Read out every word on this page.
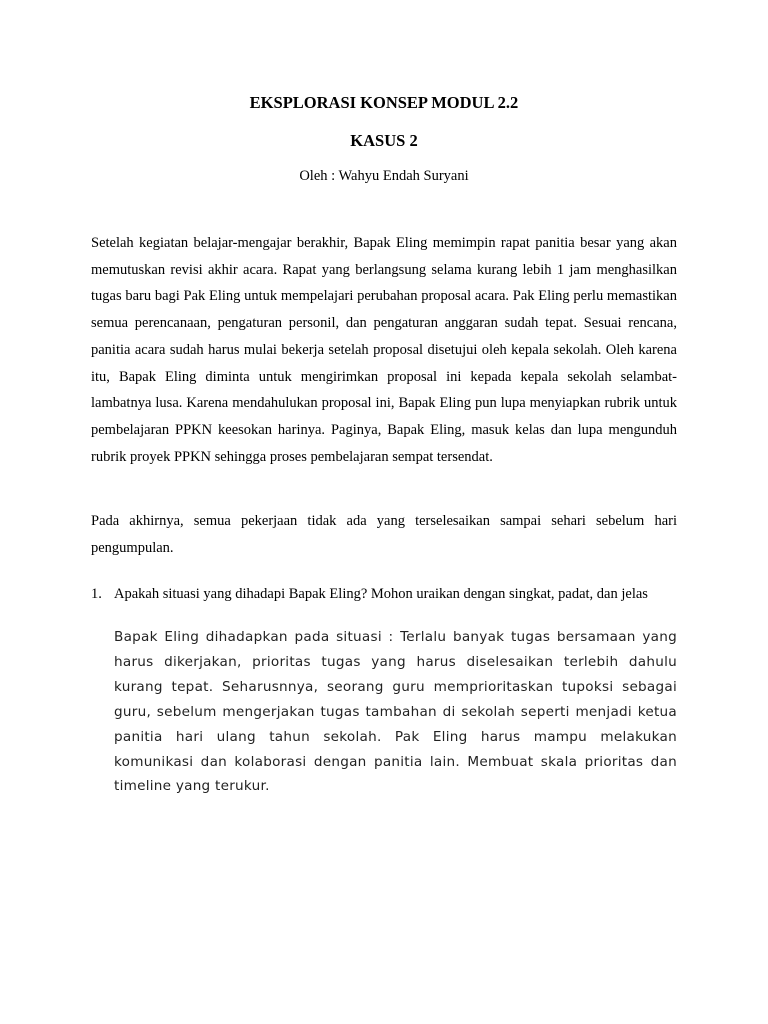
EKSPLORASI KONSEP MODUL 2.2
KASUS 2
Oleh : Wahyu Endah Suryani

Setelah kegiatan belajar-mengajar berakhir, Bapak Eling memimpin rapat panitia besar yang akan memutuskan revisi akhir acara. Rapat yang berlangsung selama kurang lebih 1 jam menghasilkan tugas baru bagi Pak Eling untuk mempelajari perubahan proposal acara. Pak Eling perlu memastikan semua perencanaan, pengaturan personil, dan pengaturan anggaran sudah tepat. Sesuai rencana, panitia acara sudah harus mulai bekerja setelah proposal disetujui oleh kepala sekolah. Oleh karena itu, Bapak Eling diminta untuk mengirimkan proposal ini kepada kepala sekolah selambat-lambatnya lusa. Karena mendahulukan proposal ini, Bapak Eling pun lupa menyiapkan rubrik untuk pembelajaran PPKN keesokan harinya. Paginya, Bapak Eling, masuk kelas dan lupa mengunduh rubrik proyek PPKN sehingga proses pembelajaran sempat tersendat.

Pada akhirnya, semua pekerjaan tidak ada yang terselesaikan sampai sehari sebelum hari pengumpulan.

1. Apakah situasi yang dihadapi Bapak Eling? Mohon uraikan dengan singkat, padat, dan jelas

Bapak Eling dihadapkan pada situasi : Terlalu banyak tugas bersamaan yang harus dikerjakan, prioritas tugas yang harus diselesaikan terlebih dahulu kurang tepat. Seharusnnya, seorang guru memprioritaskan tupoksi sebagai guru, sebelum mengerjakan tugas tambahan di sekolah seperti menjadi ketua panitia hari ulang tahun sekolah. Pak Eling harus mampu melakukan komunikasi dan kolaborasi dengan panitia lain. Membuat skala prioritas dan timeline yang terukur.
